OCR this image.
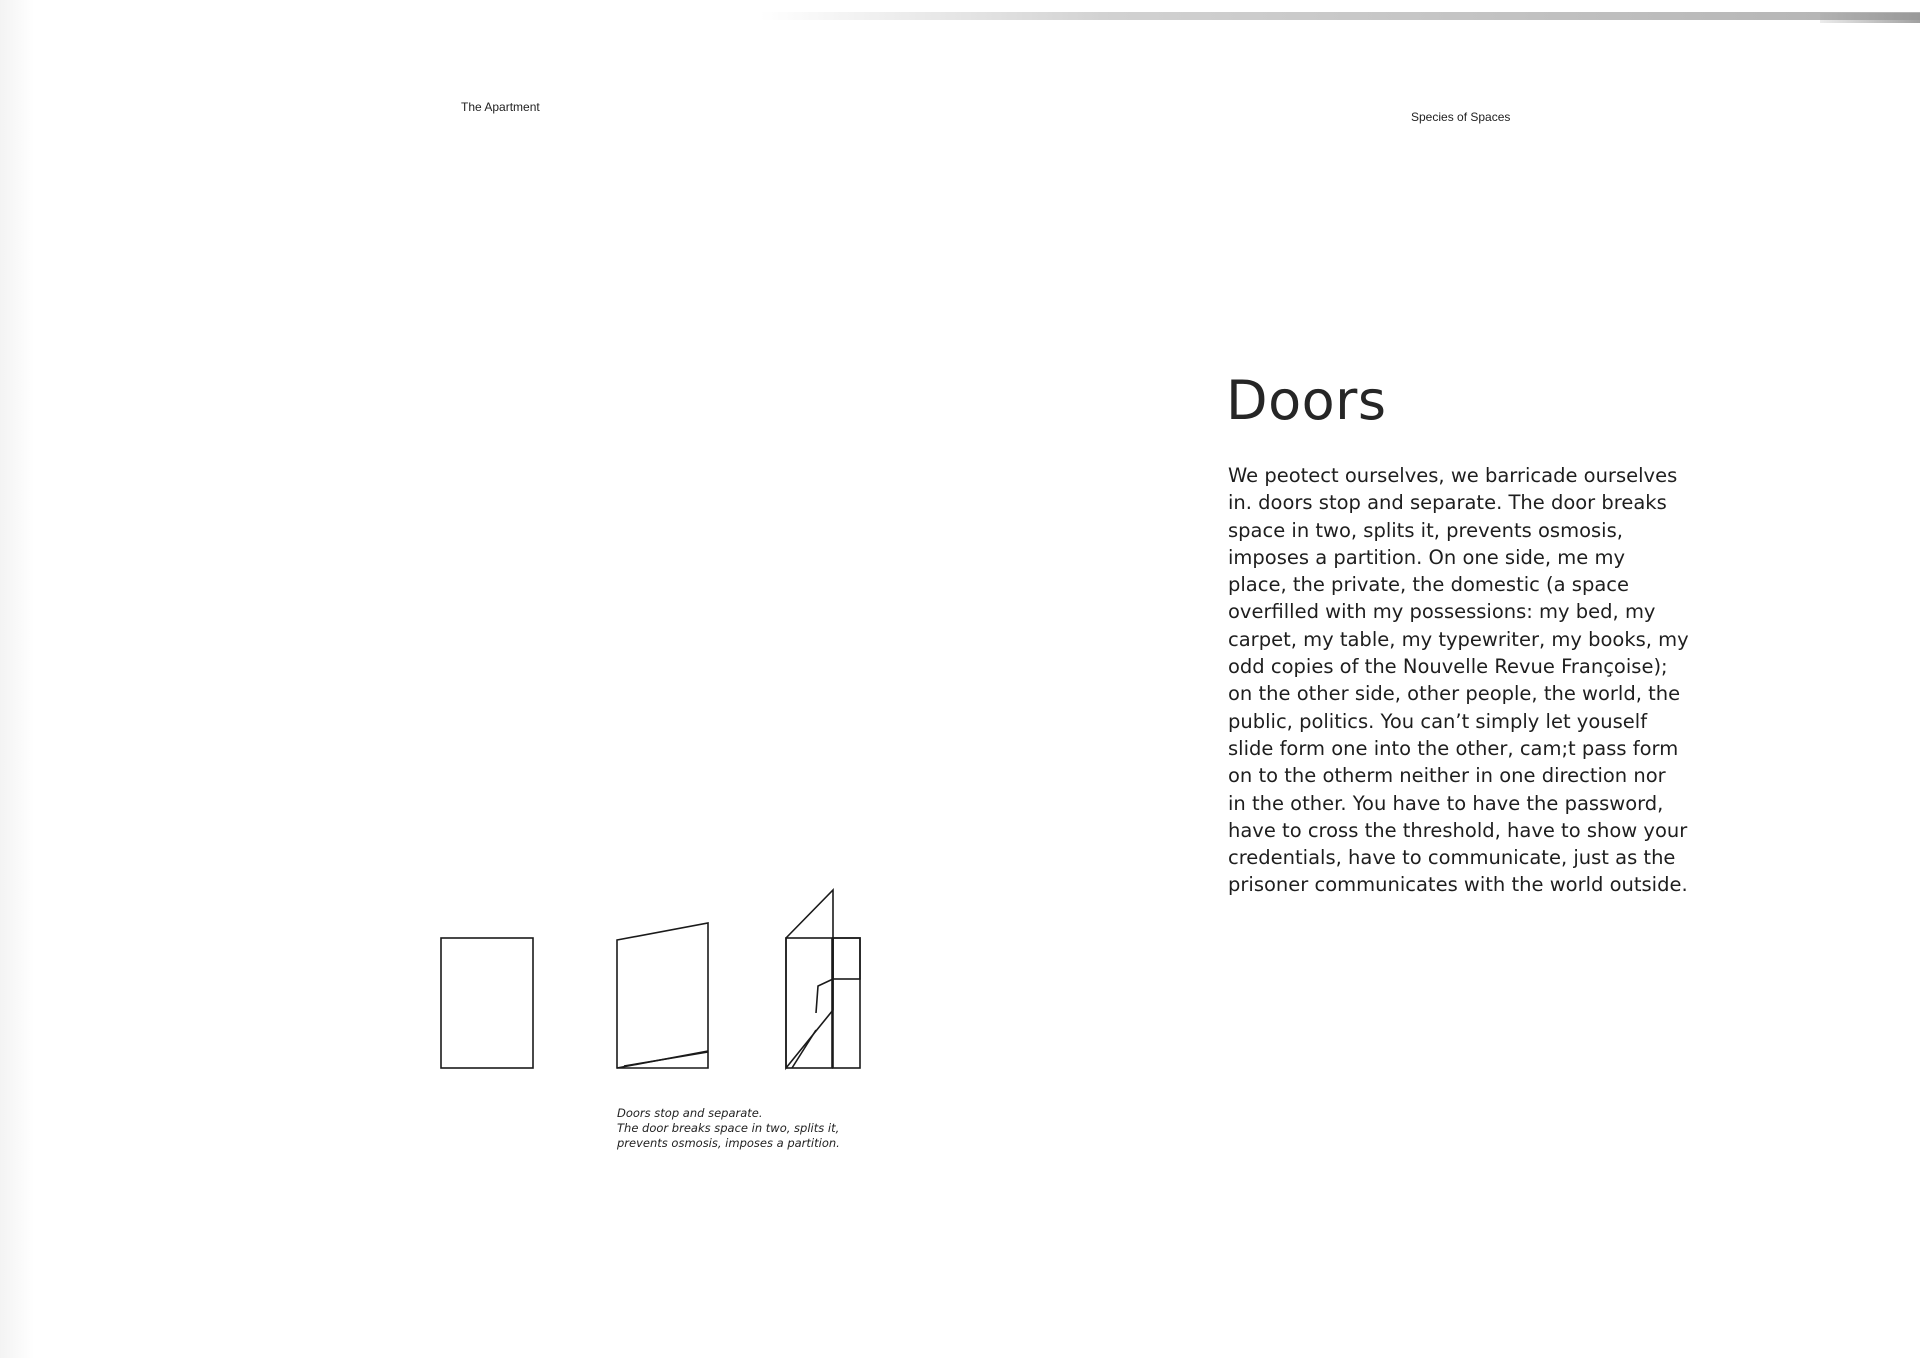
The Apartment
Species of Spaces
Doors stop and separate.
The door breaks space in two, splits it,
prevents osmosis, imposes a partition.
Doors
We peotect ourselves, we barricade ourselves
in. doors stop and separate. The door breaks
space in two, splits it, prevents osmosis,
imposes a partition. On one side, me my
place, the private, the domestic (a space
overfilled with my possessions: my bed, my
carpet, my table, my typewriter, my books, my
odd copies of the Nouvelle Revue Françoise);
on the other side, other people, the world, the
public, politics. You can’t simply let youself
slide form one into the other, cam;t pass form
on to the otherm neither in one direction nor
in the other. You have to have the password,
have to cross the threshold, have to show your
credentials, have to communicate, just as the
prisoner communicates with the world outside.
